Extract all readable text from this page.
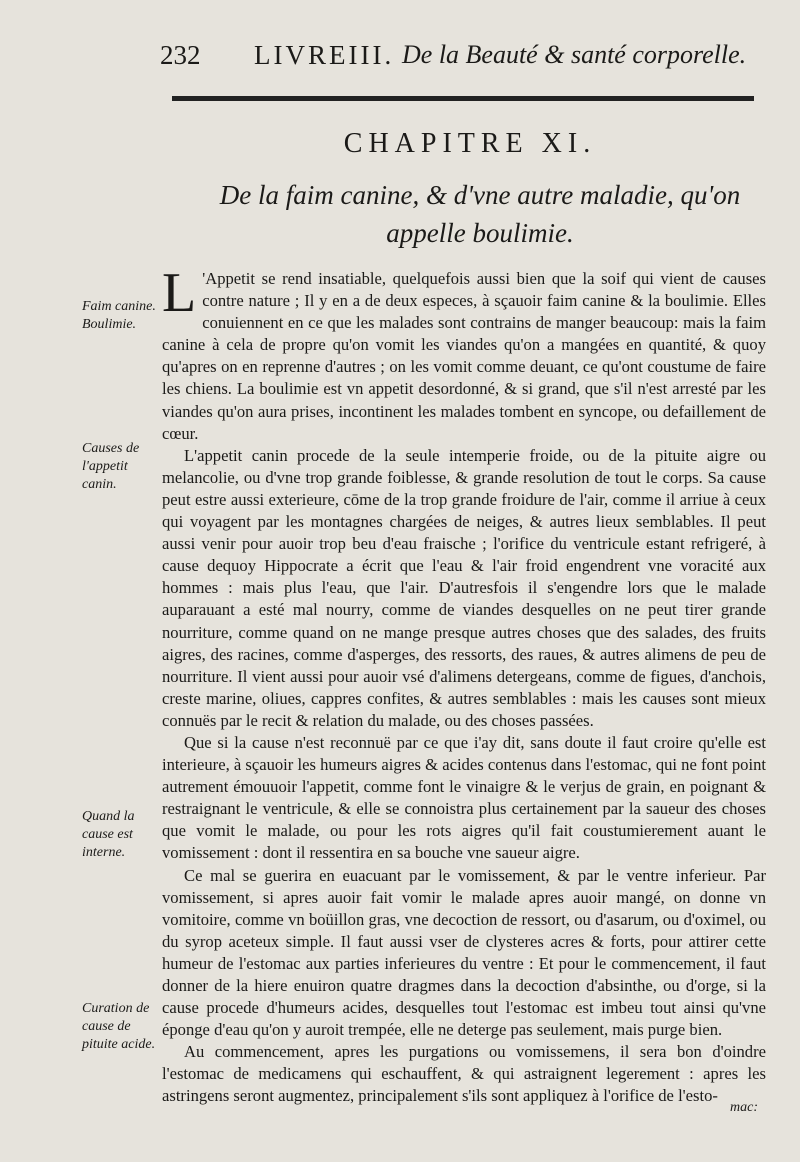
232 LIVREIII. De la Beauté & santé corporelle.
CHAPITRE XI.
De la faim canine, & d'vne autre maladie, qu'on appelle boulimie.
Faim canine. Boulimie.
Causes de l'appetit canin.
Quand la cause est interne.
Curation de cause de pituite acide.

L 'Appetit se rend insatiable, quelquefois aussi bien que la soif qui vient de causes contre nature ; Il y en a de deux especes, à sçauoir faim canine & la boulimie. Elles conuiennent en ce que les malades sont contrains de manger beaucoup: mais la faim canine à cela de propre qu'on vomit les viandes qu'on a mangées en quantité, & quoy qu'apres on en reprenne d'autres ; on les vomit comme deuant, ce qu'ont coustume de faire les chiens. La boulimie est vn appetit desordonné, & si grand, que s'il n'est arresté par les viandes qu'on aura prises, incontinent les malades tombent en syncope, ou defaillement de cœur.

L'appetit canin procede de la seule intemperie froide, ou de la pituite aigre ou melancolie, ou d'vne trop grande foiblesse, & grande resolution de tout le corps. Sa cause peut estre aussi exterieure, cōme de la trop grande froidure de l'air, comme il arriue à ceux qui voyagent par les montagnes chargées de neiges, & autres lieux semblables. Il peut aussi venir pour auoir trop beu d'eau fraische ; l'orifice du ventricule estant refrigeré, à cause dequoy Hippocrate a écrit que l'eau & l'air froid engendrent vne voracité aux hommes : mais plus l'eau, que l'air. D'autresfois il s'engendre lors que le malade auparauant a esté mal nourry, comme de viandes desquelles on ne peut tirer grande nourriture, comme quand on ne mange presque autres choses que des salades, des fruits aigres, des racines, comme d'asperges, des ressorts, des raues, & autres alimens de peu de nourriture. Il vient aussi pour auoir vsé d'alimens detergeans, comme de figues, d'anchois, creste marine, oliues, cappres confites, & autres semblables : mais les causes sont mieux connuës par le recit & relation du malade, ou des choses passées.

Que si la cause n'est reconnuë par ce que i'ay dit, sans doute il faut croire qu'elle est interieure, à sçauoir les humeurs aigres & acides contenus dans l'estomac, qui ne font point autrement émouuoir l'appetit, comme font le vinaigre & le verjus de grain, en poignant & restraignant le ventricule, & elle se connoistra plus certainement par la saueur des choses que vomit le malade, ou pour les rots aigres qu'il fait coustumierement auant le vomissement : dont il ressentira en sa bouche vne saueur aigre.

Ce mal se guerira en euacuant par le vomissement, & par le ventre inferieur. Par vomissement, si apres auoir fait vomir le malade apres auoir mangé, on donne vn vomitoire, comme vn boüillon gras, vne decoction de ressort, ou d'asarum, ou d'oximel, ou du syrop aceteux simple. Il faut aussi vser de clysteres acres & forts, pour attirer cette humeur de l'estomac aux parties inferieures du ventre : Et pour le commencement, il faut donner de la hiere enuiron quatre dragmes dans la decoction d'absinthe, ou d'orge, si la cause procede d'humeurs acides, desquelles tout l'estomac est imbeu tout ainsi qu'vne éponge d'eau qu'on y auroit trempée, elle ne deterge pas seulement, mais purge bien.

Au commencement, apres les purgations ou vomissemens, il sera bon d'oindre l'estomac de medicamens qui eschauffent, & qui astraignent legerement : apres les astringens seront augmentez, principalement s'ils sont appliquez à l'orifice de l'esto-

mac:
